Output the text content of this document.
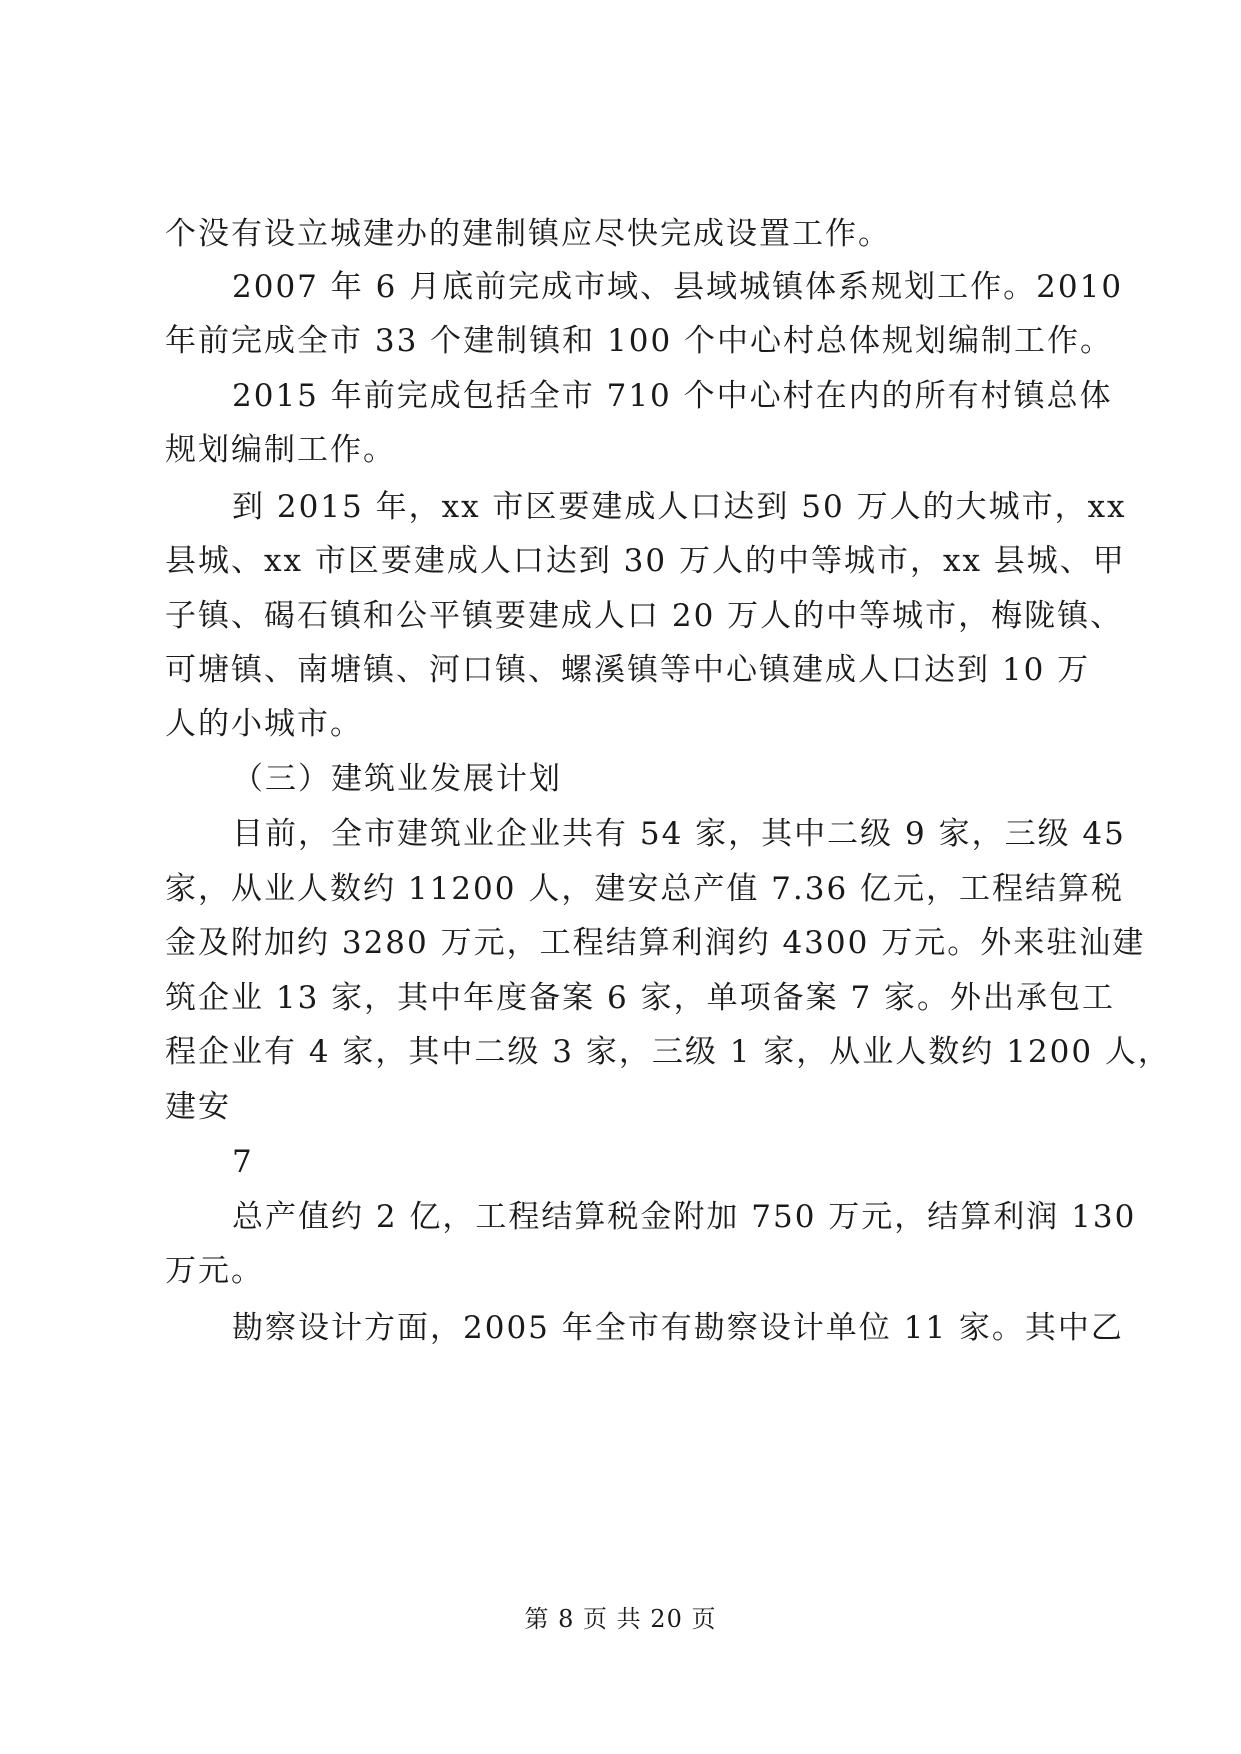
个没有设立城建办的建制镇应尽快完成设置工作。
2007 年 6 月底前完成市域、县域城镇体系规划工作。2010
年前完成全市 33 个建制镇和 100 个中心村总体规划编制工作。
2015 年前完成包括全市 710 个中心村在内的所有村镇总体
规划编制工作。
到 2015 年，xx 市区要建成人口达到 50 万人的大城市，xx
县城、xx 市区要建成人口达到 30 万人的中等城市，xx 县城、甲
子镇、碣石镇和公平镇要建成人口 20 万人的中等城市，梅陇镇、
可塘镇、南塘镇、河口镇、螺溪镇等中心镇建成人口达到 10 万
人的小城市。
（三）建筑业发展计划
目前，全市建筑业企业共有 54 家，其中二级 9 家，三级 45
家，从业人数约 11200 人，建安总产值 7.36 亿元，工程结算税
金及附加约 3280 万元，工程结算利润约 4300 万元。外来驻汕建
筑企业 13 家，其中年度备案 6 家，单项备案 7 家。外出承包工
程企业有 4 家，其中二级 3 家，三级 1 家，从业人数约 1200 人，
建安
7
总产值约 2 亿，工程结算税金附加 750 万元，结算利润 130
万元。
勘察设计方面，2005 年全市有勘察设计单位 11 家。其中乙
第 8 页 共 20 页
